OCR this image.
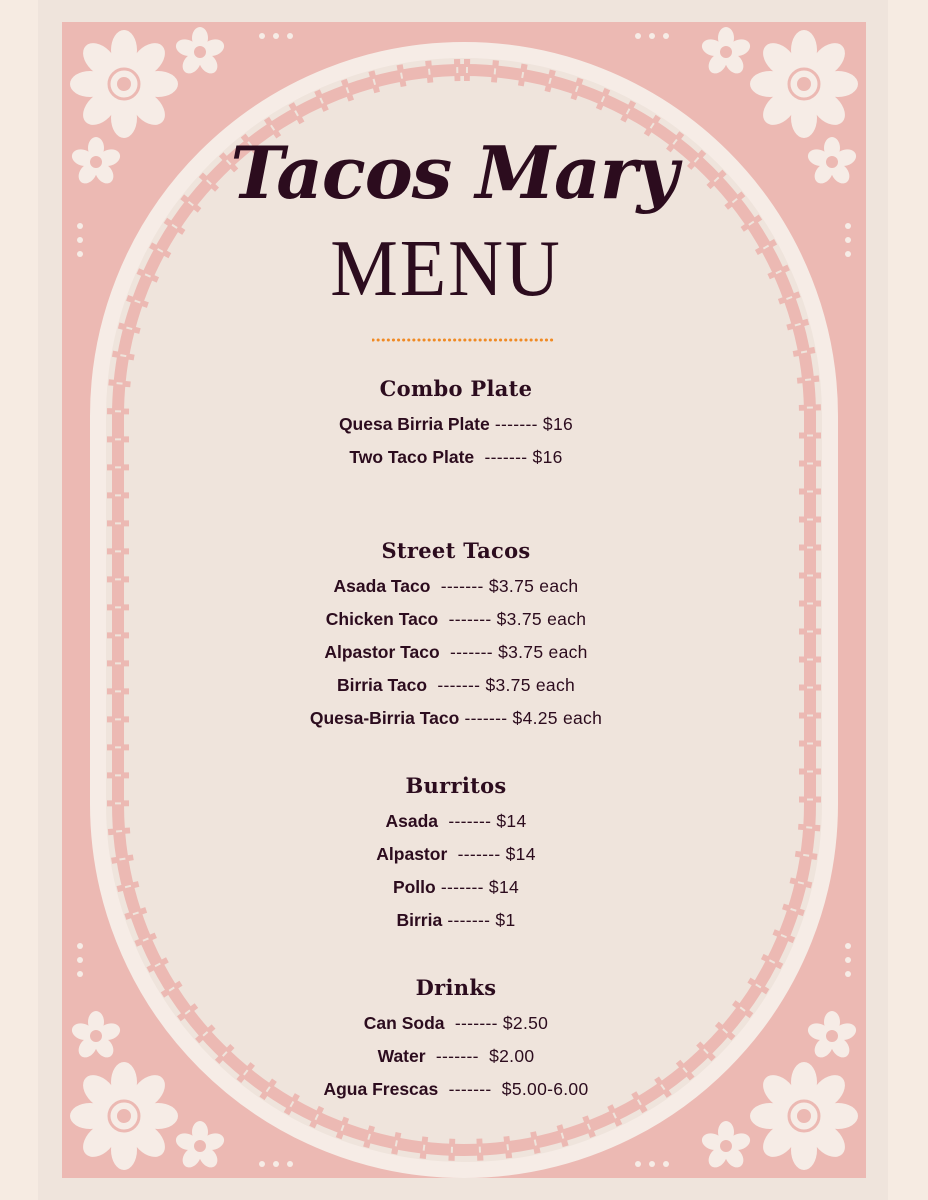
Tacos Mary
MENU
Combo Plate
Quesa Birria Plate ------- $16
Two Taco Plate  ------- $16
Street Tacos
Asada Taco  ------- $3.75 each
Chicken Taco  ------- $3.75 each
Alpastor Taco  ------- $3.75 each
Birria Taco  ------- $3.75 each
Quesa-Birria Taco ------- $4.25 each
Burritos
Asada  ------- $14
Alpastor  ------- $14
Pollo ------- $14
Birria ------- $1
Drinks
Can Soda  ------- $2.50
Water  -------  $2.00
Agua Frescas  -------  $5.00-6.00
